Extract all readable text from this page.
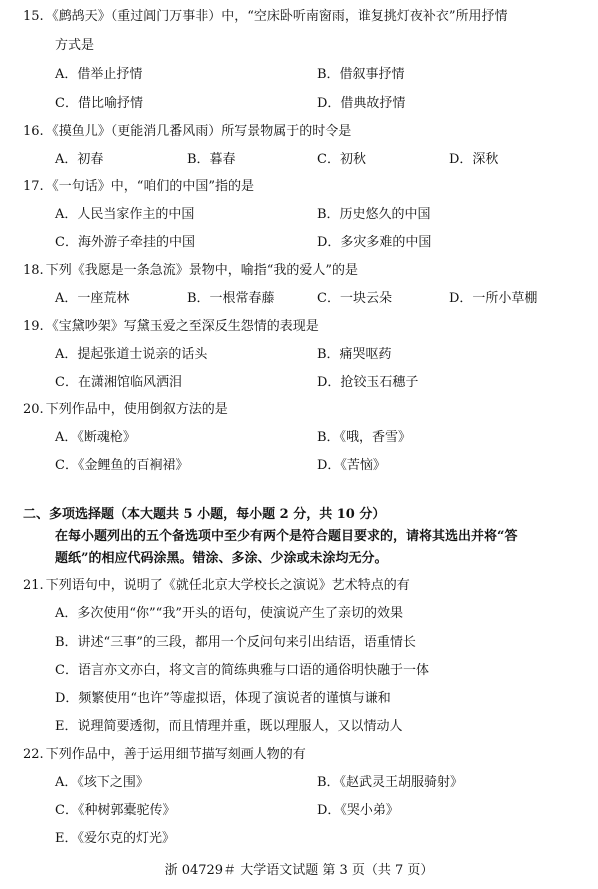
15. 《鹧鸪天》（重过阊门万事非）中，“空床卧听南窗雨，谁复挑灯夜补衣”所用抒情
方式是
A．借举止抒情	B．借叙事抒情
C．借比喻抒情	D．借典故抒情
16. 《摸鱼儿》（更能消几番风雨）所写景物属于的时令是
A．初春	B．暮春	C．初秋	D．深秋
17. 《一句话》中，“咱们的中国”指的是
A．人民当家作主的中国	B．历史悠久的中国
C．海外游子牵挂的中国	D．多灾多难的中国
18. 下列《我愿是一条急流》景物中，喻指“我的爱人”的是
A．一座荒林	B．一根常春藤	C．一块云朵	D．一所小草棚
19. 《宝黛吵架》写黛玉爱之至深反生怨情的表现是
A．提起张道士说亲的话头	B．痛哭呕药
C．在潇湘馆临风洒泪	D．抢铰玉石穗子
20. 下列作品中，使用倒叙方法的是
A．《断魂枪》	B．《哦，香雪》
C．《金鲤鱼的百裥裙》	D．《苦恼》
二、多项选择题（本大题共 5 小题，每小题 2 分，共 10 分）
在每小题列出的五个备选项中至少有两个是符合题目要求的，请将其选出并将“答
题纸”的相应代码涂黑。错涂、多涂、少涂或未涂均无分。
21. 下列语句中，说明了《就任北京大学校长之演说》艺术特点的有
A．多次使用“你”“我”开头的语句，使演说产生了亲切的效果
B．讲述“三事”的三段，都用一个反问句来引出结语，语重情长
C．语言亦文亦白，将文言的简练典雅与口语的通俗明快融于一体
D．频繁使用“也许”等虚拟语，体现了演说者的谨慎与谦和
E．说理简要透彻，而且情理并重，既以理服人，又以情动人
22. 下列作品中，善于运用细节描写刻画人物的有
A．《垓下之围》	B．《赵武灵王胡服骑射》
C．《种树郭橐驼传》	D．《哭小弟》
E．《爱尔克的灯光》
浙 04729＃ 大学语文试题 第 3 页（共 7 页）
